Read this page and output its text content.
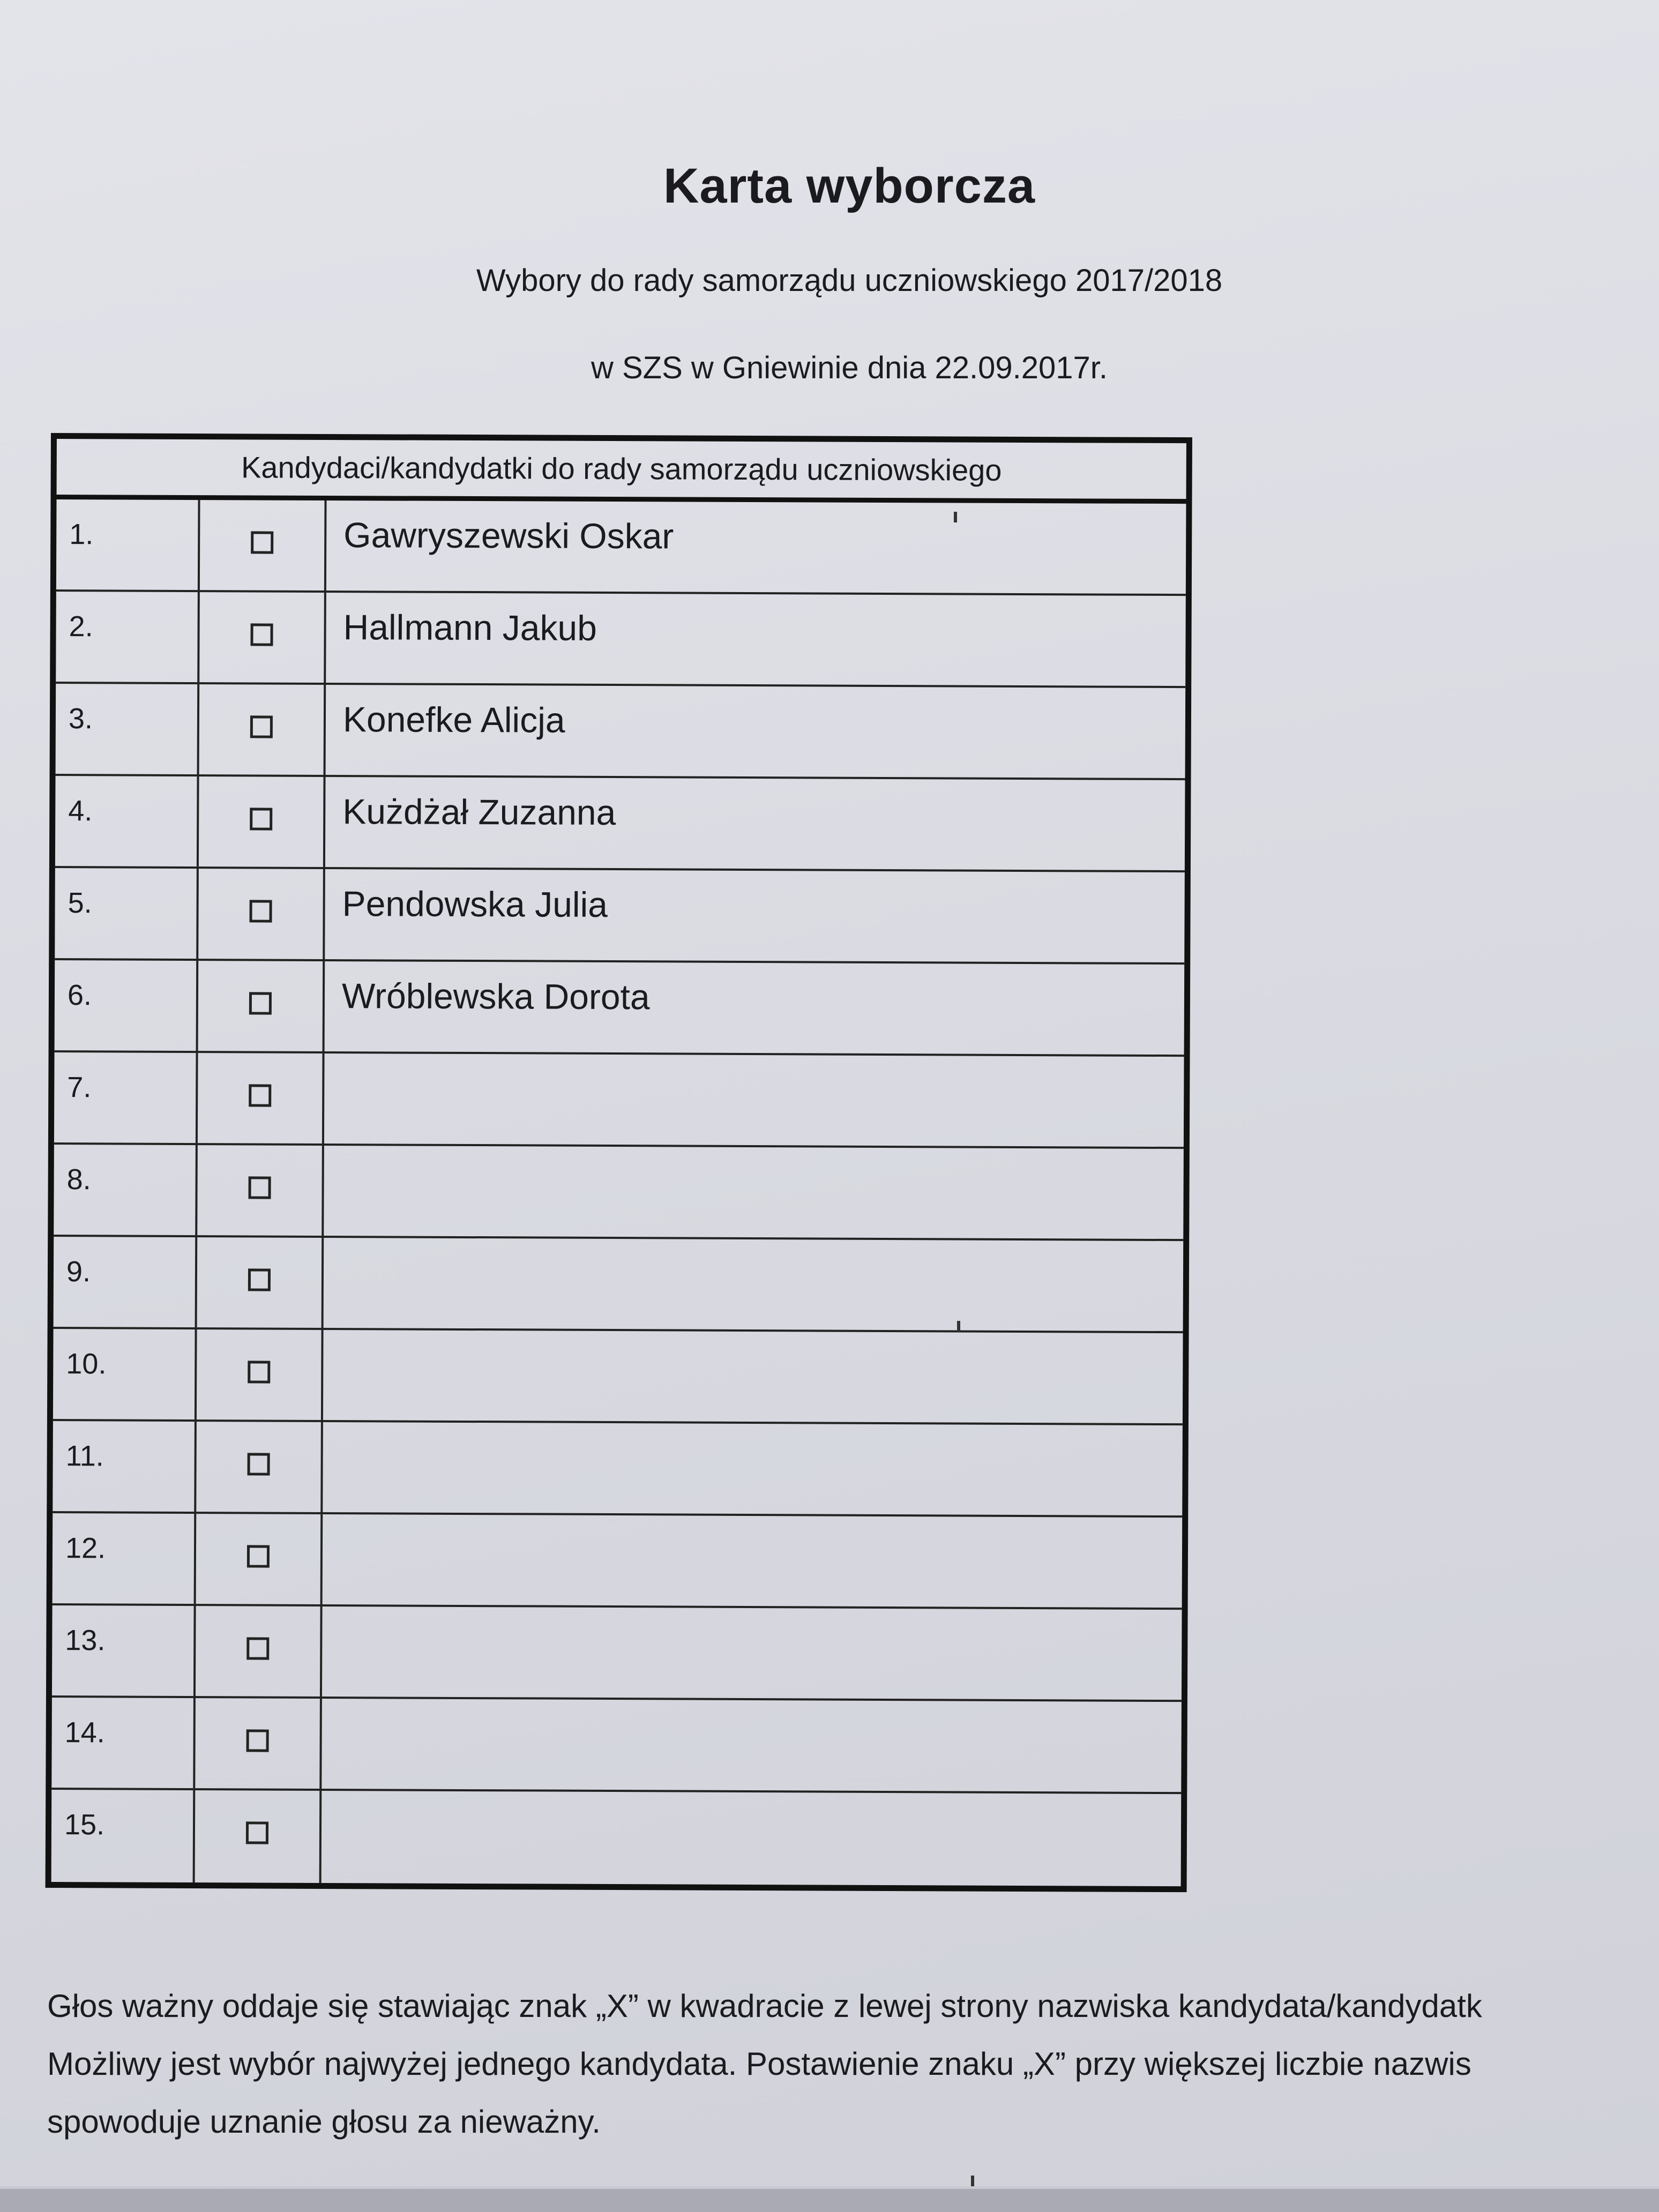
Karta wyborcza
Wybory do rady samorządu uczniowskiego 2017/2018
w SZS w Gniewinie dnia 22.09.2017r.
Kandydaci/kandydatki do rady samorządu uczniowskiego
1.	Gawryszewski Oskar
2.	Hallmann Jakub
3.	Konefke Alicja
4.	Kużdżał Zuzanna
5.	Pendowska Julia
6.	Wróblewska Dorota
7.
8.
9.
10.
11.
12.
13.
14.
15.
Głos ważny oddaje się stawiając znak „X” w kwadracie z lewej strony nazwiska kandydata/kandydatk
Możliwy jest wybór najwyżej jednego kandydata. Postawienie znaku „X” przy większej liczbie nazwis
spowoduje uznanie głosu za nieważny.
